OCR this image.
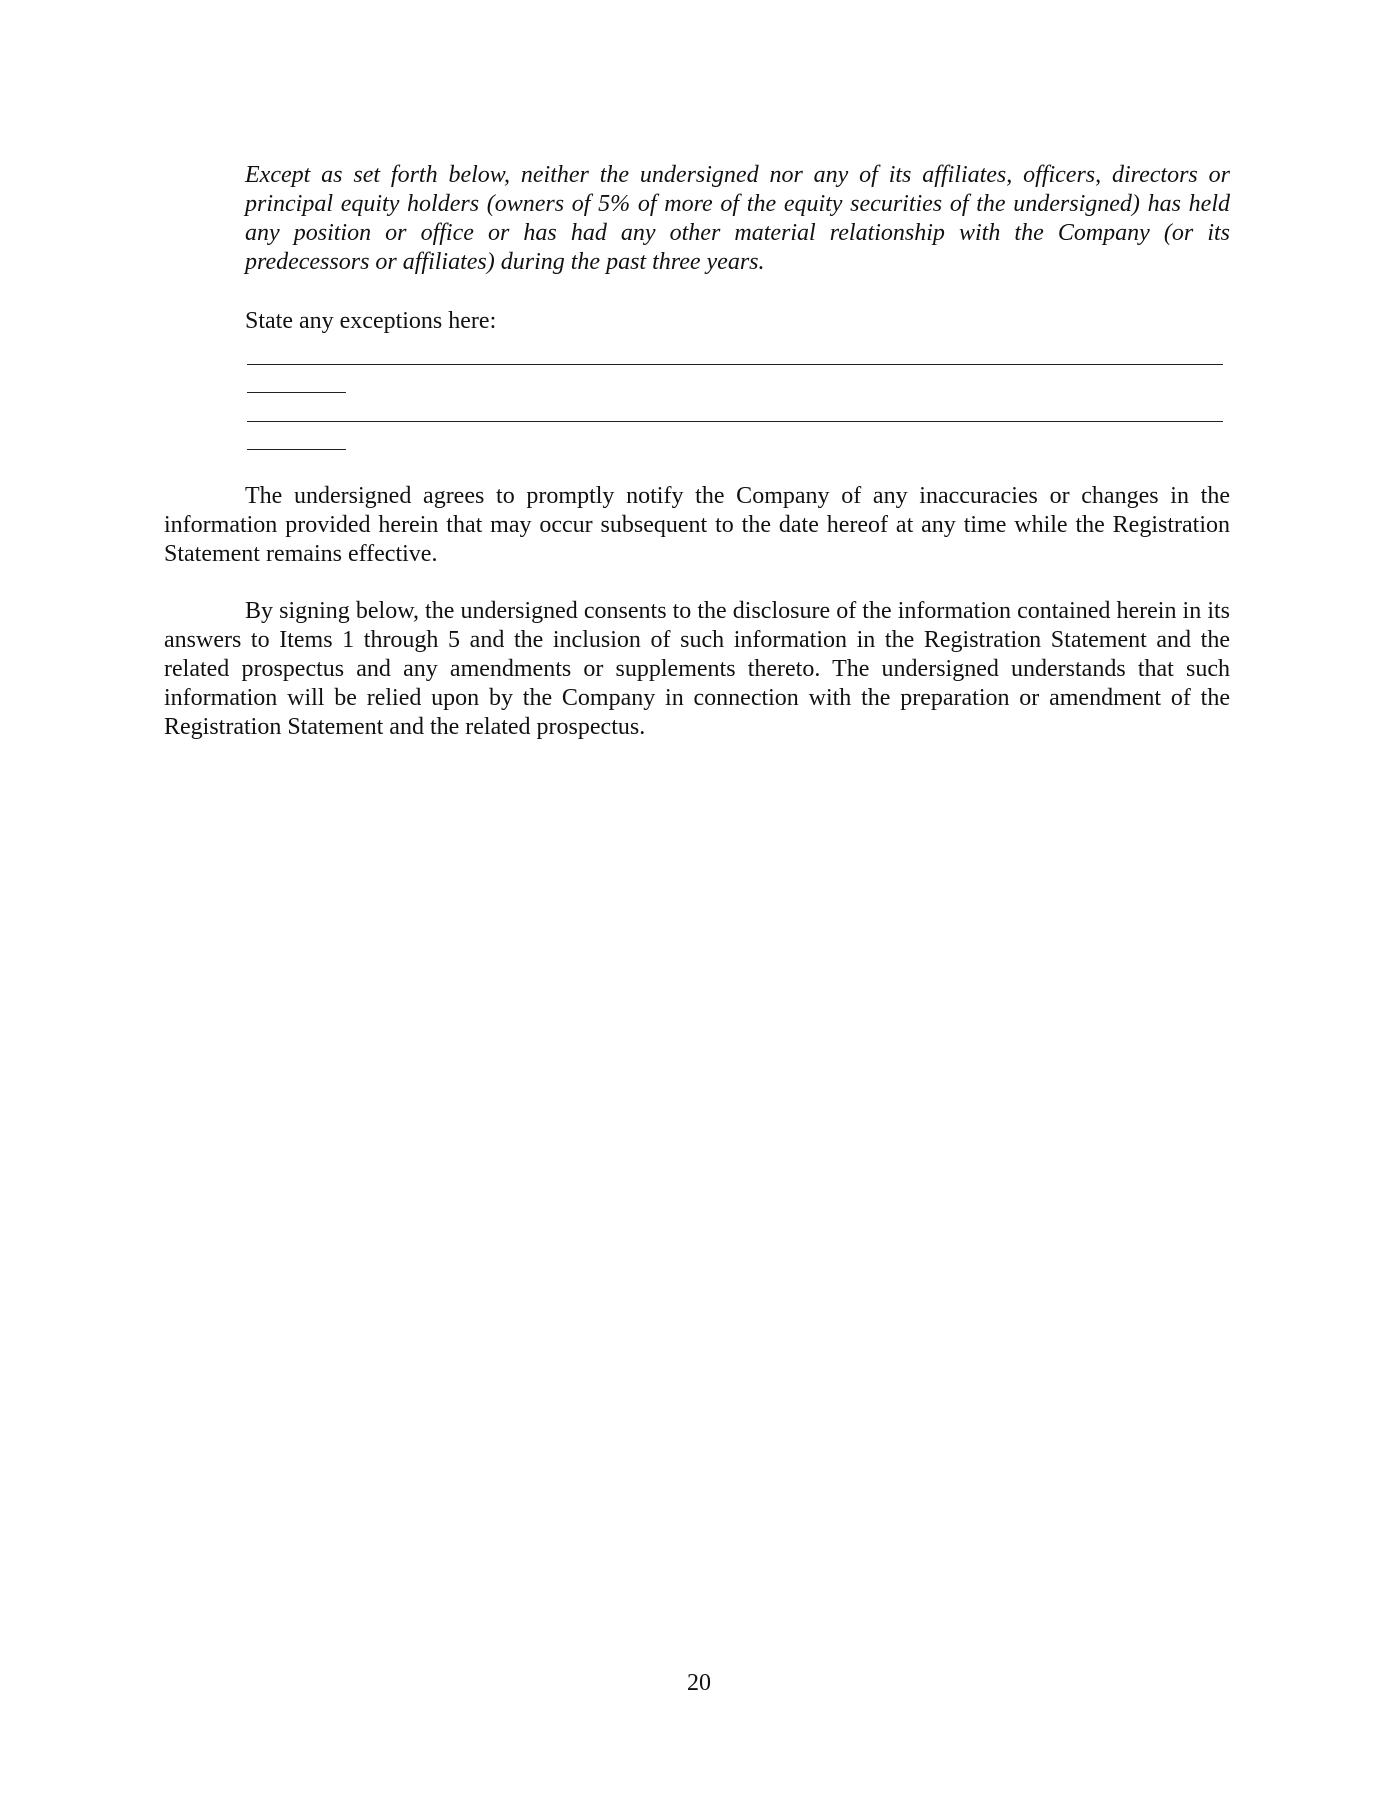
Except as set forth below, neither the undersigned nor any of its affiliates, officers, directors or principal equity holders (owners of 5% of more of the equity securities of the undersigned) has held any position or office or has had any other material relationship with the Company (or its predecessors or affiliates) during the past three years.

State any exceptions here:

The undersigned agrees to promptly notify the Company of any inaccuracies or changes in the information provided herein that may occur subsequent to the date hereof at any time while the Registration Statement remains effective.

By signing below, the undersigned consents to the disclosure of the information contained herein in its answers to Items 1 through 5 and the inclusion of such information in the Registration Statement and the related prospectus and any amendments or supplements thereto. The undersigned understands that such information will be relied upon by the Company in connection with the preparation or amendment of the Registration Statement and the related prospectus.

20
